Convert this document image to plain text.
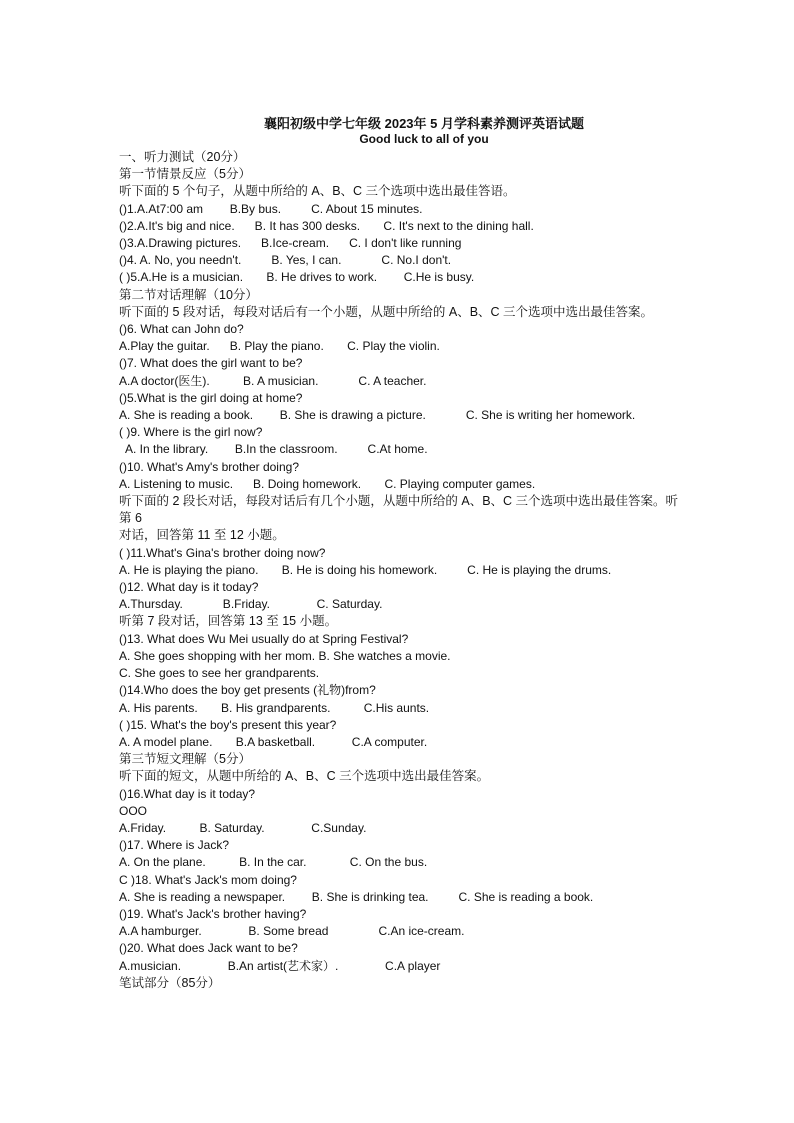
襄阳初级中学七年级 2023年 5 月学科素养测评英语试题
Good luck to all of you
一、听力测试（20分）
第一节情景反应（5分）
听下面的 5 个句子，从题中所给的 A、B、C 三个选项中选出最佳答语。
()1.A.At7:00 am        B.By bus.         C. About 15 minutes.
()2.A.It's big and nice.      B. It has 300 desks.       C. It's next to the dining hall.
()3.A.Drawing pictures.      B.Ice-cream.      C. I don't like running
()4. A. No, you needn't.         B. Yes, I can.            C. No.I don't.
( )5.A.He is a musician.       B. He drives to work.        C.He is busy.
第二节对话理解（10分）
听下面的 5 段对话，每段对话后有一个小题，从题中所给的 A、B、C 三个选项中选出最佳答案。
()6. What can John do?
A.Play the guitar.      B. Play the piano.       C. Play the violin.
()7. What does the girl want to be?
A.A doctor(医生).          B. A musician.            C. A teacher.
()5.What is the girl doing at home?
A. She is reading a book.        B. She is drawing a picture.            C. She is writing her homework.
( )9. Where is the girl now?
A. In the library.        B.In the classroom.         C.At home.
()10. What's Amy's brother doing?
A. Listening to music.      B. Doing homework.       C. Playing computer games.
听下面的 2 段长对话，每段对话后有几个小题，从题中所给的 A、B、C 三个选项中选出最佳答案。听第 6
对话，回答第 11 至 12 小题。
( )11.What's Gina's brother doing now?
A. He is playing the piano.       B. He is doing his homework.         C. He is playing the drums.
()12. What day is it today?
A.Thursday.            B.Friday.              C. Saturday.
听第 7 段对话，回答第 13 至 15 小题。
()13. What does Wu Mei usually do at Spring Festival?
A. She goes shopping with her mom. B. She watches a movie.
C. She goes to see her grandparents.
()14.Who does the boy get presents (礼物)from?
A. His parents.       B. His grandparents.          C.His aunts.
( )15. What's the boy's present this year?
A. A model plane.       B.A basketball.           C.A computer.
第三节短文理解（5分）
听下面的短文，从题中所给的 A、B、C 三个选项中选出最佳答案。
()16.What day is it today?
OOO
A.Friday.          B. Saturday.              C.Sunday.
()17. Where is Jack?
A. On the plane.          B. In the car.             C. On the bus.
C )18. What's Jack's mom doing?
A. She is reading a newspaper.        B. She is drinking tea.         C. She is reading a book.
()19. What's Jack's brother having?
A.A hamburger.              B. Some bread               C.An ice-cream.
()20. What does Jack want to be?
A.musician.              B.An artist(艺术家）.              C.A player
笔试部分（85分）
